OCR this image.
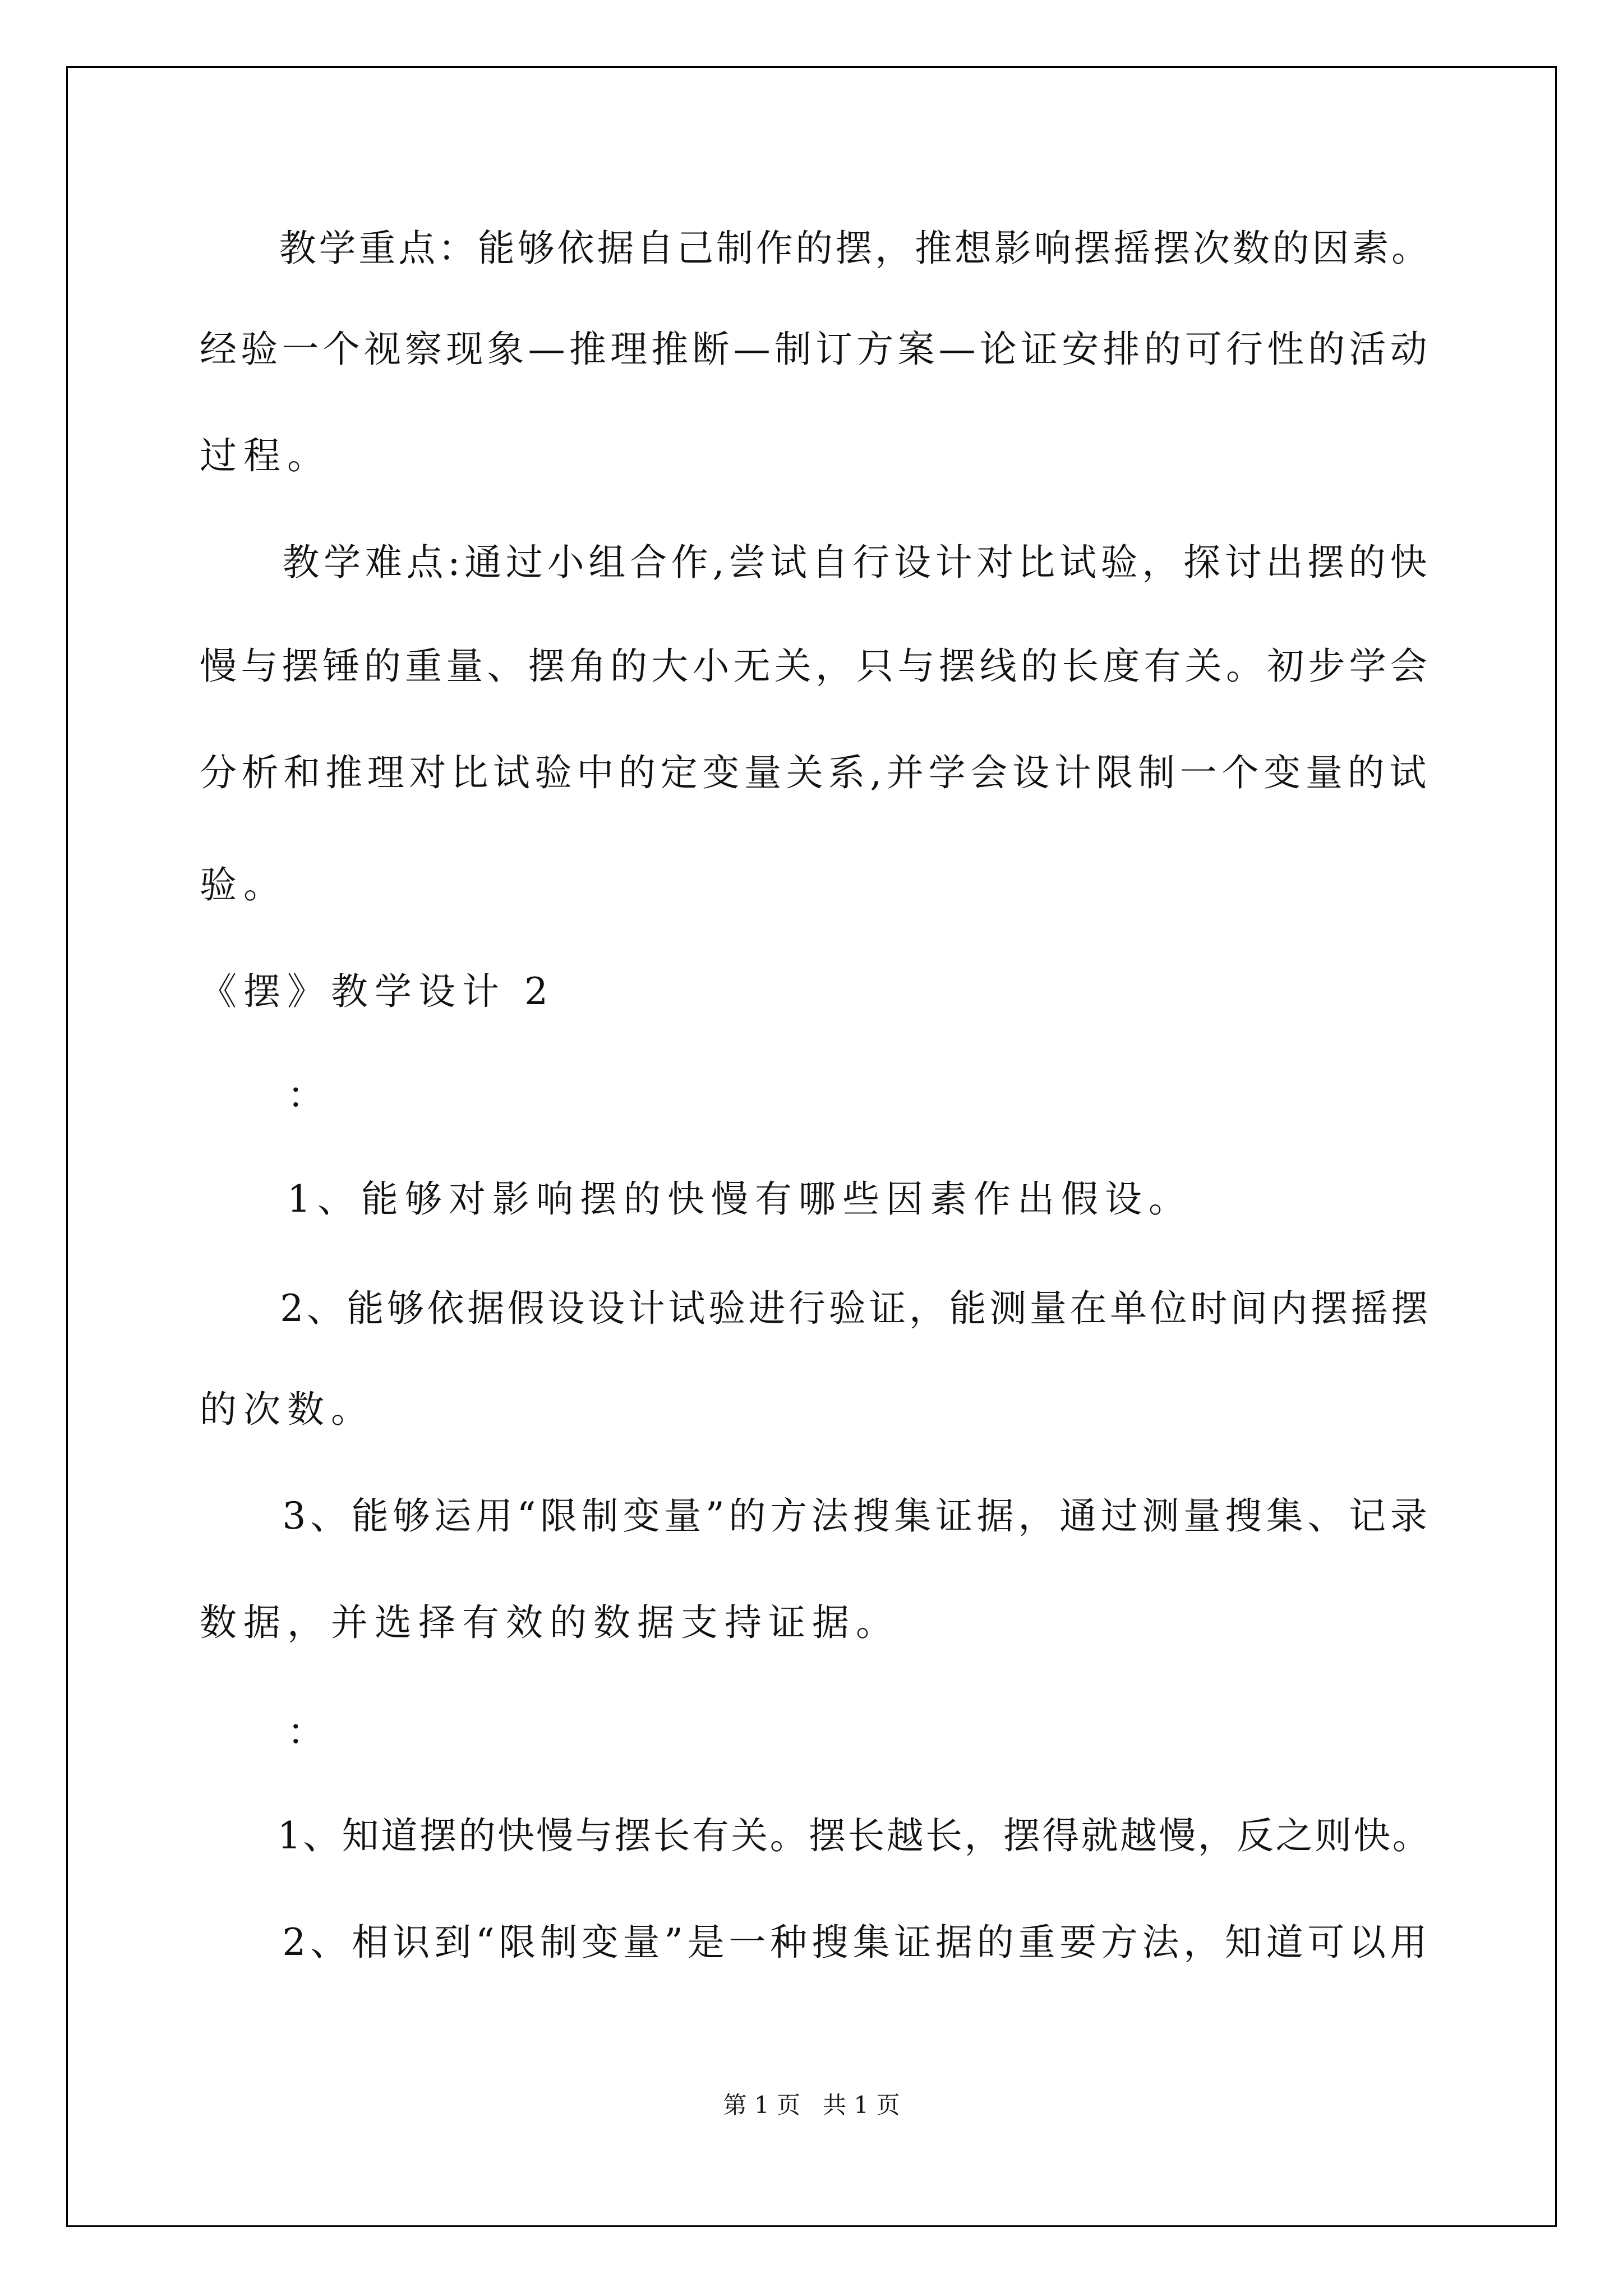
　　教学重点：能够依据自己制作的摆，推想影响摆摇摆次数的因素。
经验一个视察现象—推理推断—制订方案—论证安排的可行性的活动
过程。
　　教学难点:通过小组合作,尝试自行设计对比试验，探讨出摆的快
慢与摆锤的重量、摆角的大小无关，只与摆线的长度有关。初步学会
分析和推理对比试验中的定变量关系,并学会设计限制一个变量的试
验。
《摆》教学设计 2
　　：
　　1、能够对影响摆的快慢有哪些因素作出假设。
　　2、能够依据假设设计试验进行验证，能测量在单位时间内摆摇摆
的次数。
　　3、能够运用“限制变量”的方法搜集证据，通过测量搜集、记录
数据，并选择有效的数据支持证据。
　　：
　　1、知道摆的快慢与摆长有关。摆长越长，摆得就越慢，反之则快。
　　2、相识到“限制变量”是一种搜集证据的重要方法，知道可以用
第 1 页   共 1 页
